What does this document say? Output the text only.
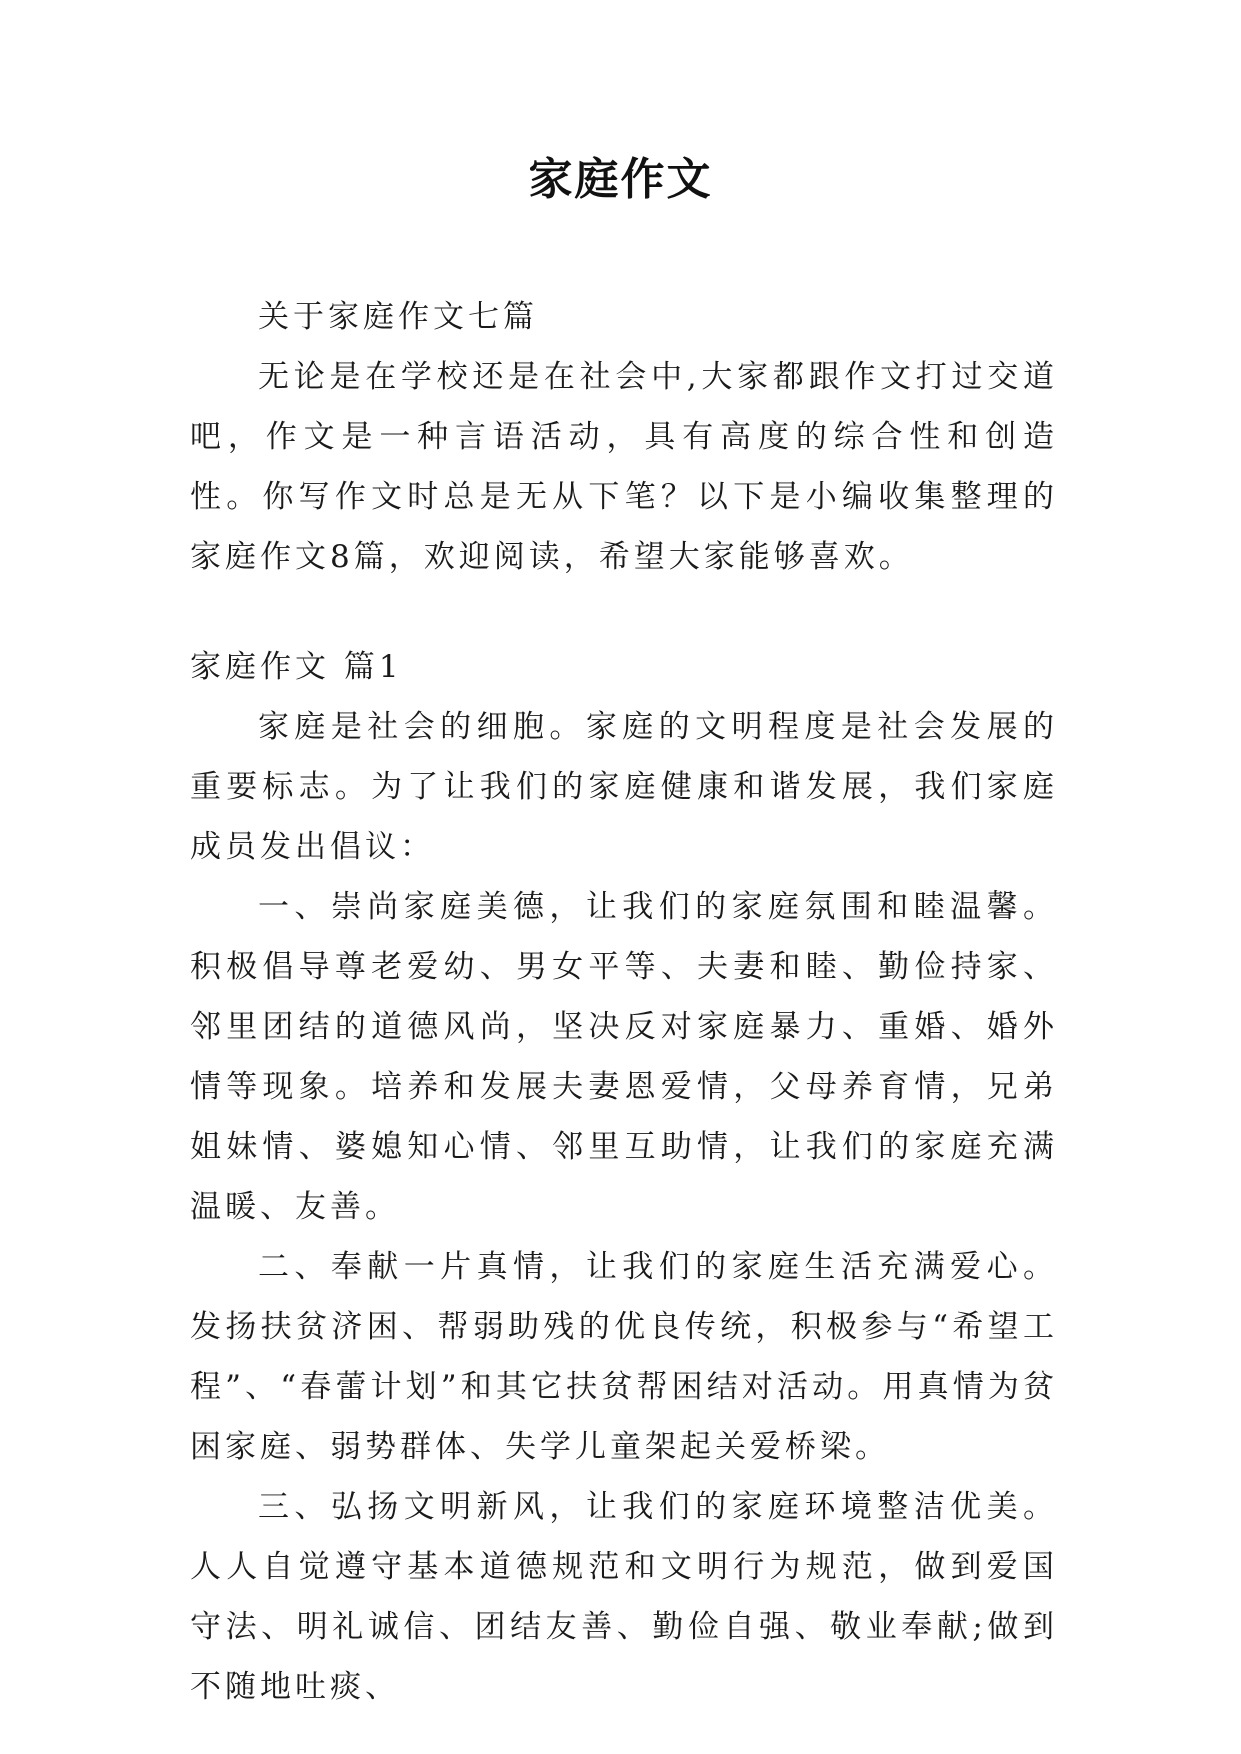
家庭作文

关于家庭作文七篇

无论是在学校还是在社会中,大家都跟作文打过交道吧，作文是一种言语活动，具有高度的综合性和创造性。你写作文时总是无从下笔？以下是小编收集整理的家庭作文8篇，欢迎阅读，希望大家能够喜欢。

家庭作文 篇1

家庭是社会的细胞。家庭的文明程度是社会发展的重要标志。为了让我们的家庭健康和谐发展，我们家庭成员发出倡议：

一、崇尚家庭美德，让我们的家庭氛围和睦温馨。积极倡导尊老爱幼、男女平等、夫妻和睦、勤俭持家、邻里团结的道德风尚，坚决反对家庭暴力、重婚、婚外情等现象。培养和发展夫妻恩爱情，父母养育情，兄弟姐妹情、婆媳知心情、邻里互助情，让我们的家庭充满温暖、友善。

二、奉献一片真情，让我们的家庭生活充满爱心。发扬扶贫济困、帮弱助残的优良传统，积极参与“希望工程”、“春蕾计划”和其它扶贫帮困结对活动。用真情为贫困家庭、弱势群体、失学儿童架起关爱桥梁。

三、弘扬文明新风，让我们的家庭环境整洁优美。人人自觉遵守基本道德规范和文明行为规范，做到爱国守法、明礼诚信、团结友善、勤俭自强、敬业奉献;做到不随地吐痰、
